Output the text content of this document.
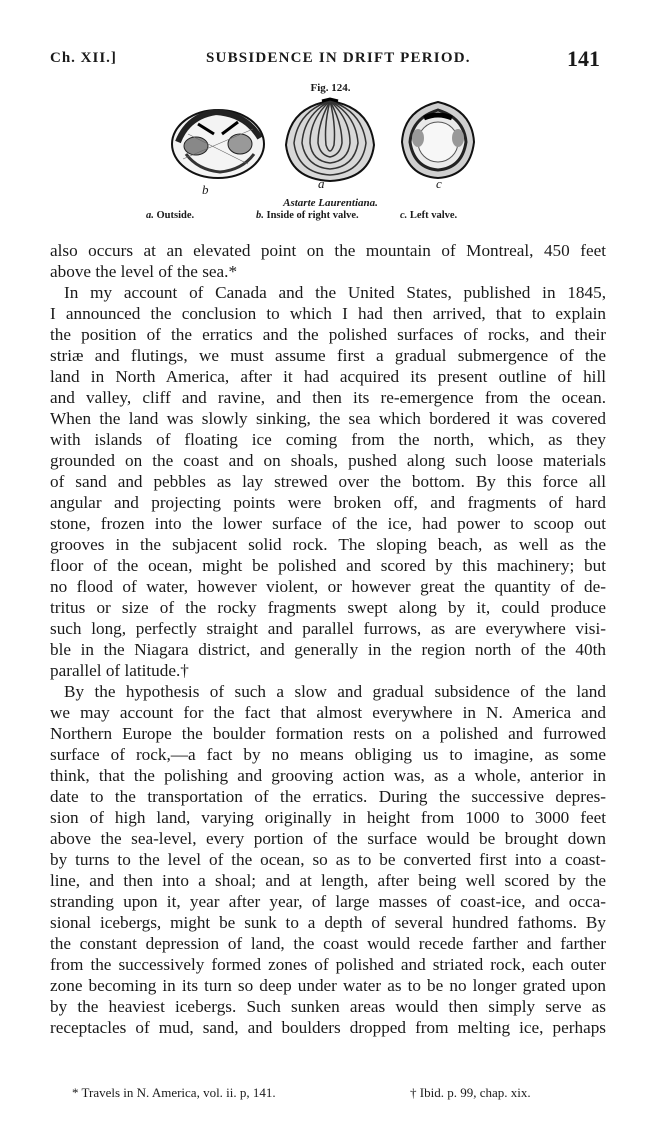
Ch. XII.]	SUBSIDENCE IN DRIFT PERIOD.	141
Fig. 124.
b	a	c
Astarte Laurentiana.
a. Outside.	b. Inside of right valve.	c. Left valve.
also occurs at an elevated point on the mountain of Montreal, 450 feet
above the level of the sea.*
In my account of Canada and the United States, published in 1845,
I announced the conclusion to which I had then arrived, that to explain
the position of the erratics and the polished surfaces of rocks, and their
striæ and flutings, we must assume first a gradual submergence of the
land in North America, after it had acquired its present outline of hill
and valley, cliff and ravine, and then its re-emergence from the ocean.
When the land was slowly sinking, the sea which bordered it was covered
with islands of floating ice coming from the north, which, as they
grounded on the coast and on shoals, pushed along such loose materials
of sand and pebbles as lay strewed over the bottom. By this force all
angular and projecting points were broken off, and fragments of hard
stone, frozen into the lower surface of the ice, had power to scoop out
grooves in the subjacent solid rock. The sloping beach, as well as the
floor of the ocean, might be polished and scored by this machinery; but
no flood of water, however violent, or however great the quantity of de-
tritus or size of the rocky fragments swept along by it, could produce
such long, perfectly straight and parallel furrows, as are everywhere visi-
ble in the Niagara district, and generally in the region north of the 40th
parallel of latitude.†
By the hypothesis of such a slow and gradual subsidence of the land
we may account for the fact that almost everywhere in N. America and
Northern Europe the boulder formation rests on a polished and furrowed
surface of rock,—a fact by no means obliging us to imagine, as some
think, that the polishing and grooving action was, as a whole, anterior in
date to the transportation of the erratics. During the successive depres-
sion of high land, varying originally in height from 1000 to 3000 feet
above the sea-level, every portion of the surface would be brought down
by turns to the level of the ocean, so as to be converted first into a coast-
line, and then into a shoal; and at length, after being well scored by the
stranding upon it, year after year, of large masses of coast-ice, and occa-
sional icebergs, might be sunk to a depth of several hundred fathoms. By
the constant depression of land, the coast would recede farther and farther
from the successively formed zones of polished and striated rock, each outer
zone becoming in its turn so deep under water as to be no longer grated upon
by the heaviest icebergs. Such sunken areas would then simply serve as
receptacles of mud, sand, and boulders dropped from melting ice, perhaps
* Travels in N. America, vol. ii. p, 141.	† Ibid. p. 99, chap. xix.
